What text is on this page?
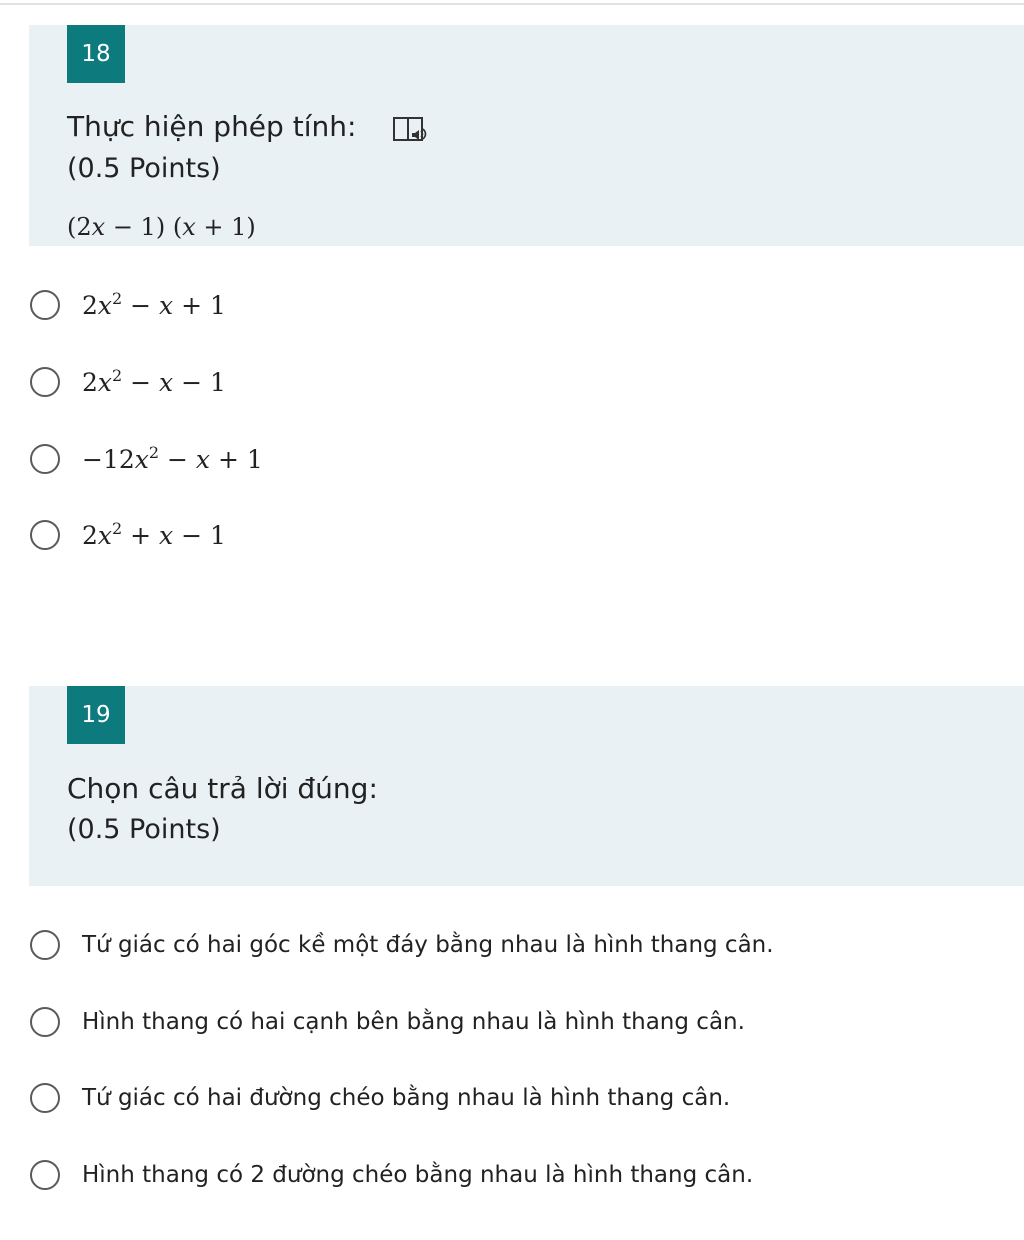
18
Thực hiện phép tính:
(0.5 Points)
(2x − 1) (x + 1)
$2x^2 - x + 1$
$2x^2 - x - 1$
$-12x^2 - x + 1$
$2x^2 + x - 1$
19
Chọn câu trả lời đúng:
(0.5 Points)
Tứ giác có hai góc kề một đáy bằng nhau là hình thang cân.
Hình thang có hai cạnh bên bằng nhau là hình thang cân.
Tứ giác có hai đường chéo bằng nhau là hình thang cân.
Hình thang có 2 đường chéo bằng nhau là hình thang cân.
